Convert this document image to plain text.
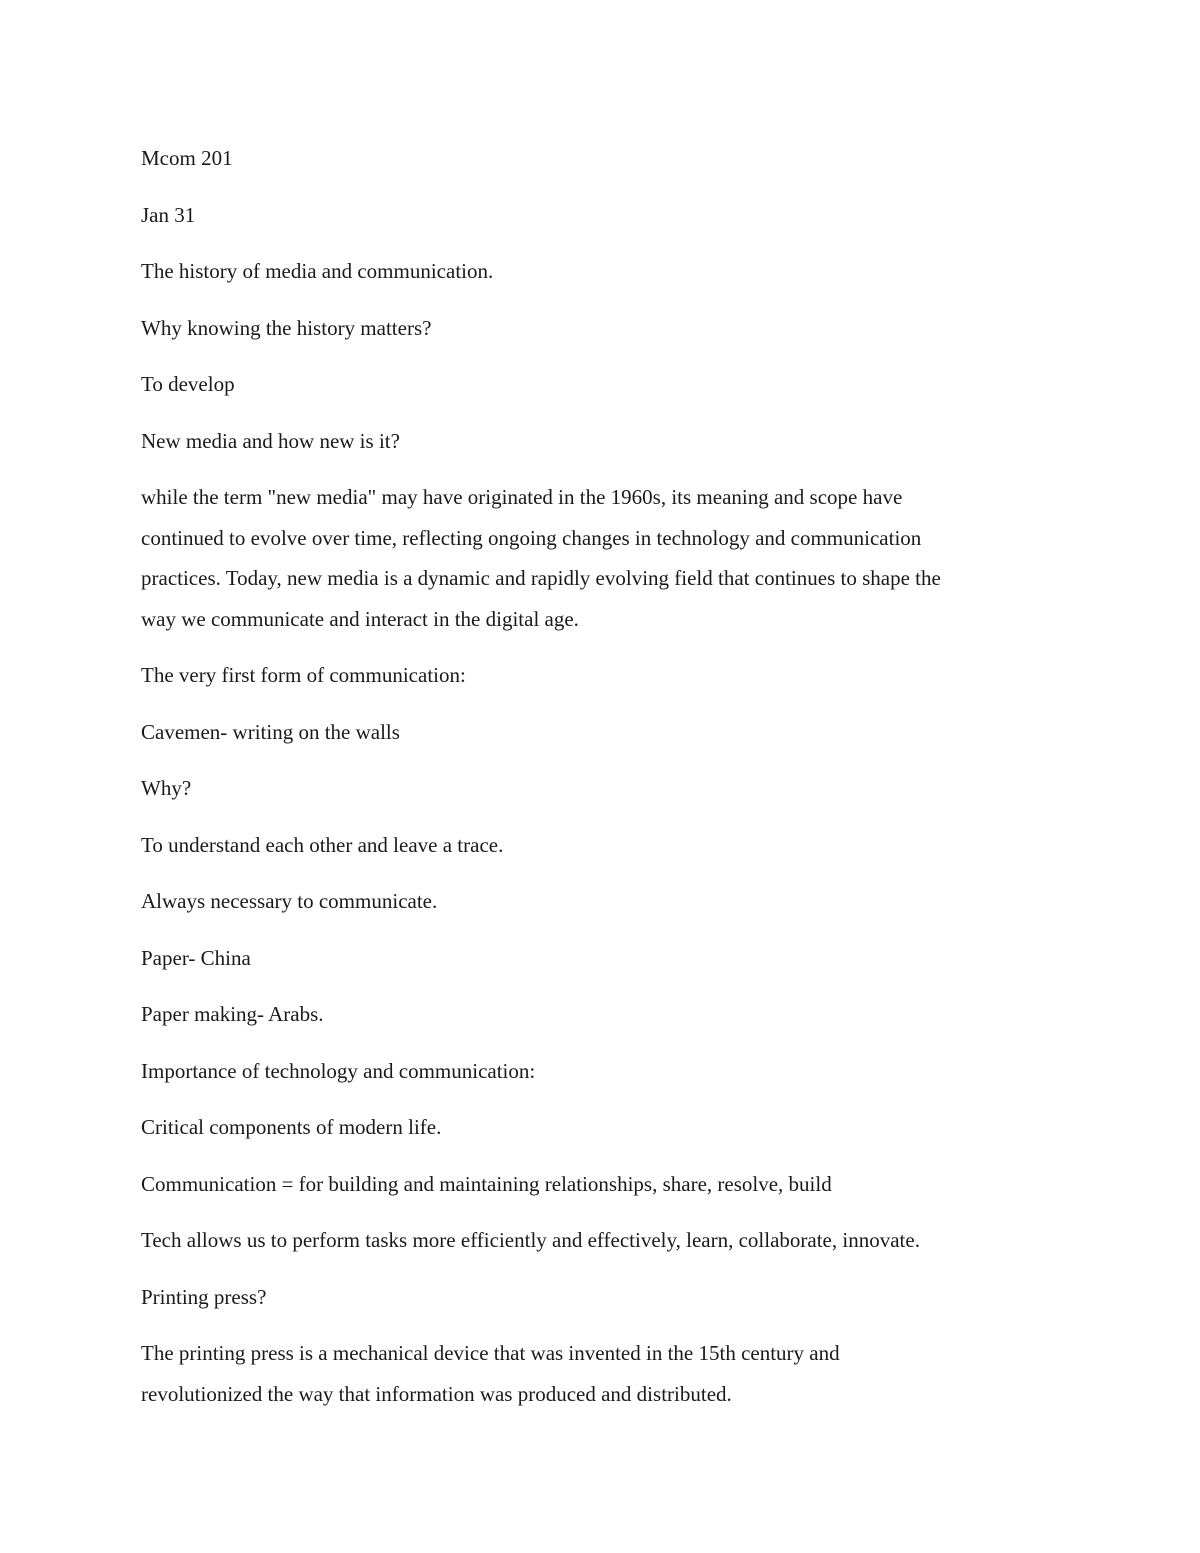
Mcom 201

Jan 31

The history of media and communication.

Why knowing the history matters?

To develop

New media and how new is it?

while the term "new media" may have originated in the 1960s, its meaning and scope have
continued to evolve over time, reflecting ongoing changes in technology and communication
practices. Today, new media is a dynamic and rapidly evolving field that continues to shape the
way we communicate and interact in the digital age.

The very first form of communication:

Cavemen- writing on the walls

Why?

To understand each other and leave a trace.

Always necessary to communicate.

Paper- China

Paper making- Arabs.

Importance of technology and communication:

Critical components of modern life.

Communication = for building and maintaining relationships, share, resolve, build

Tech allows us to perform tasks more efficiently and effectively, learn, collaborate, innovate.

Printing press?

The printing press is a mechanical device that was invented in the 15th century and
revolutionized the way that information was produced and distributed.
